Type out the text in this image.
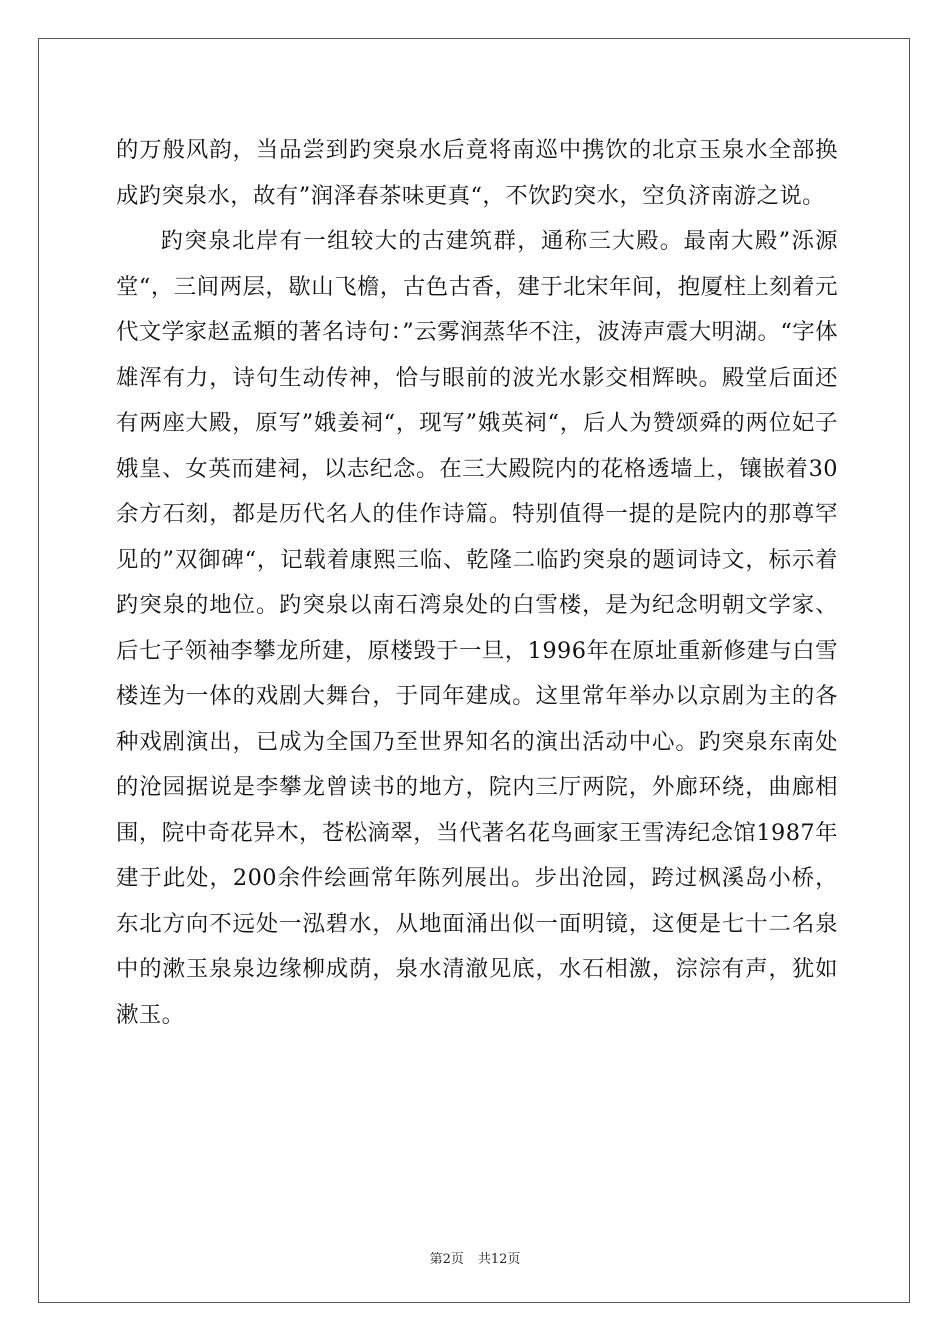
的万般风韵，当品尝到趵突泉水后竟将南巡中携饮的北京玉泉水全部换成趵突泉水，故有”润泽春茶味更真“，不饮趵突水，空负济南游之说。

趵突泉北岸有一组较大的古建筑群，通称三大殿。最南大殿”泺源堂“，三间两层，歇山飞檐，古色古香，建于北宋年间，抱厦柱上刻着元代文学家赵孟頫的著名诗句：”云雾润蒸华不注，波涛声震大明湖。“字体雄浑有力，诗句生动传神，恰与眼前的波光水影交相辉映。殿堂后面还有两座大殿，原写”娥姜祠“，现写”娥英祠“，后人为赞颂舜的两位妃子娥皇、女英而建祠，以志纪念。在三大殿院内的花格透墙上，镶嵌着30余方石刻，都是历代名人的佳作诗篇。特别值得一提的是院内的那尊罕见的”双御碑“，记载着康熙三临、乾隆二临趵突泉的题词诗文，标示着趵突泉的地位。趵突泉以南石湾泉处的白雪楼，是为纪念明朝文学家、后七子领袖李攀龙所建，原楼毁于一旦，1996年在原址重新修建与白雪楼连为一体的戏剧大舞台，于同年建成。这里常年举办以京剧为主的各种戏剧演出，已成为全国乃至世界知名的演出活动中心。趵突泉东南处的沧园据说是李攀龙曾读书的地方，院内三厅两院，外廊环绕，曲廊相围，院中奇花异木，苍松滴翠，当代著名花鸟画家王雪涛纪念馆1987年建于此处，200余件绘画常年陈列展出。步出沧园，跨过枫溪岛小桥，东北方向不远处一泓碧水，从地面涌出似一面明镜，这便是七十二名泉中的漱玉泉泉边缘柳成荫，泉水清澈见底，水石相激，淙淙有声，犹如漱玉。

第2页 共12页
